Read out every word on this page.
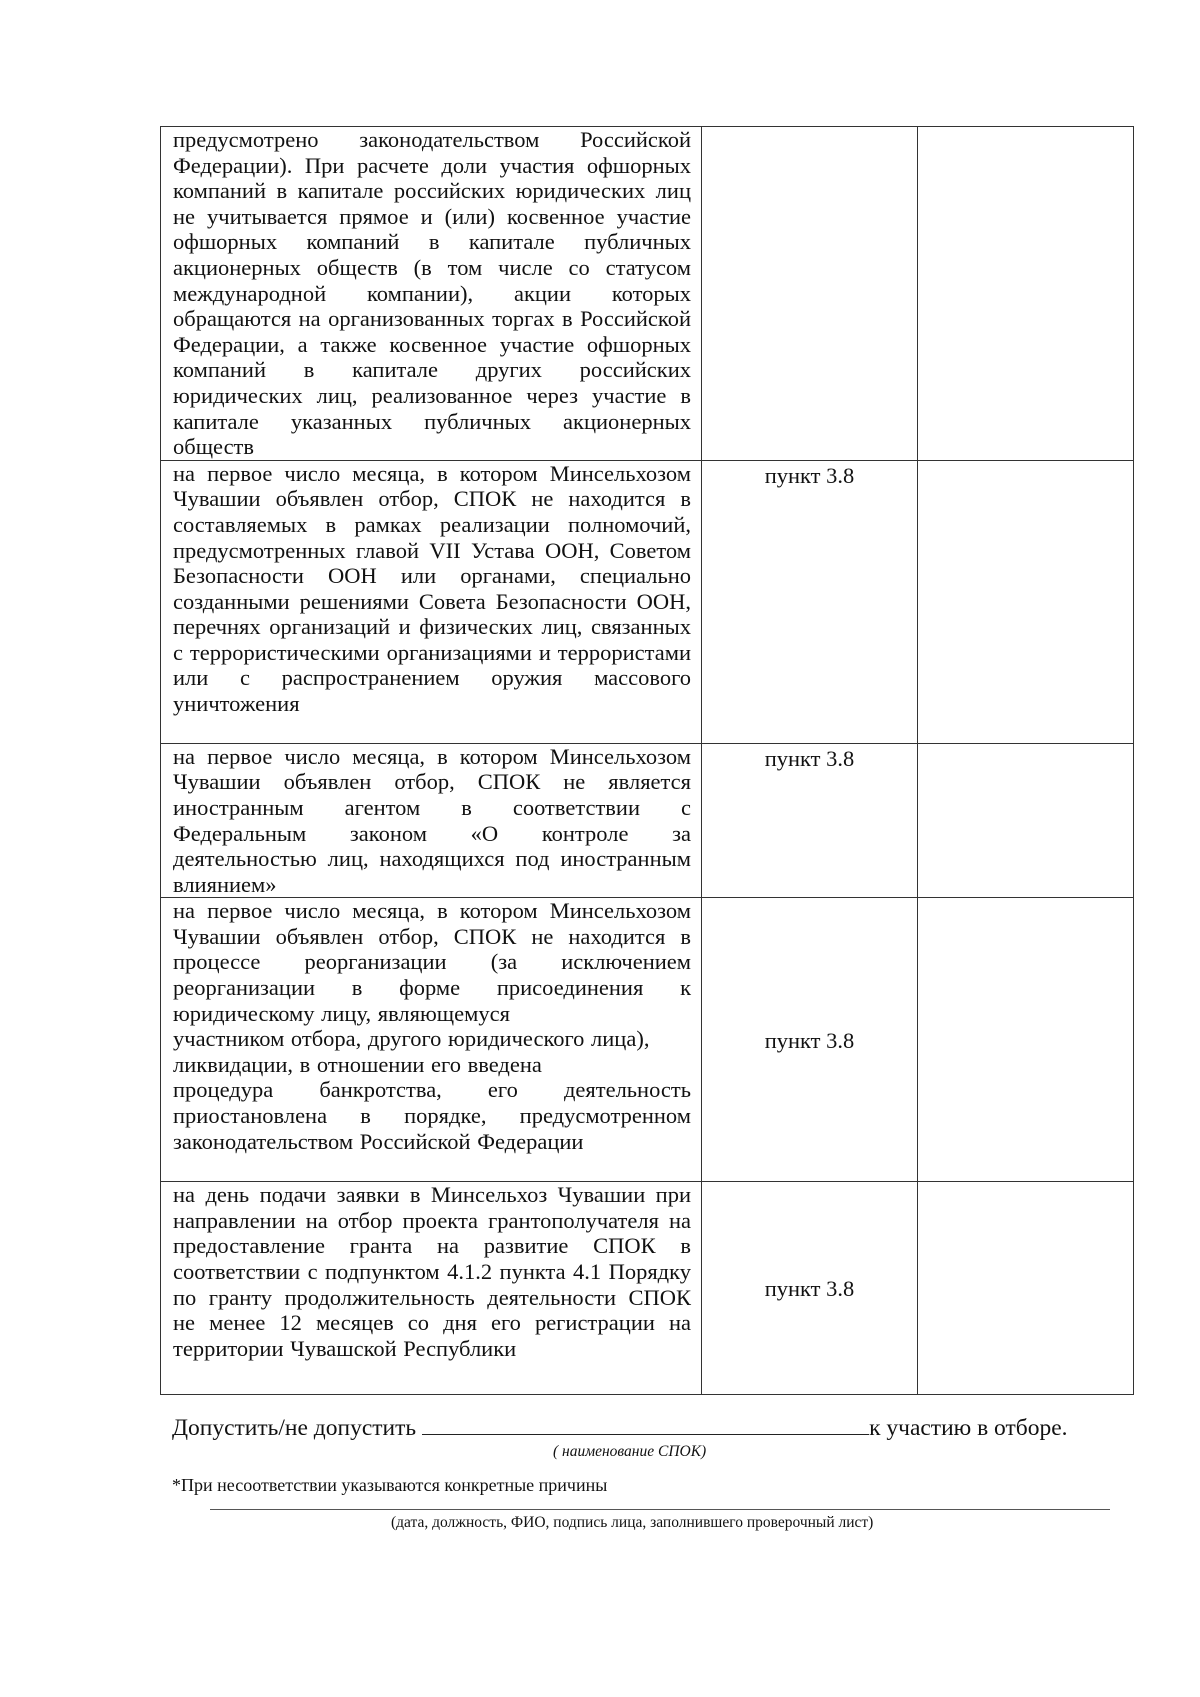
предусмотрено законодательством Российской Федерации). При расчете доли участия офшорных компаний в капитале российских юридических лиц не учитывается прямое и (или) косвенное участие офшорных компаний в капитале публичных акционерных обществ (в том числе со статусом международной компании), акции которых обращаются на организованных торгах в Российской Федерации, а также косвенное участие офшорных компаний в капитале других российских юридических лиц, реализованное через участие в капитале указанных публичных акционерных обществ		
на первое число месяца, в котором Минсельхозом Чувашии объявлен отбор, СПОК не находится в составляемых в рамках реализации полномочий, предусмотренных главой VII Устава ООН, Советом Безопасности ООН или органами, специально созданными решениями Совета Безопасности ООН, перечнях организаций и физических лиц, связанных с террористическими организациями и террористами или с распространением оружия массового уничтожения	пункт 3.8	
на первое число месяца, в котором Минсельхозом Чувашии объявлен отбор, СПОК не является иностранным агентом в соответствии с Федеральным законом «О контроле за деятельностью лиц, находящихся под иностранным влиянием»	пункт 3.8	

на первое число месяца, в котором Минсельхозом Чувашии объявлен отбор, СПОК не находится в процессе реорганизации (за исключением реорганизации в форме присоединения к юридическому лицу, являющемуся
участником отбора, другого юридического лица), ликвидации, в отношении его введена
процедура банкротства, его деятельность приостановлена в порядке, предусмотренном законодательством Российской Федерации	пункт 3.8	
на день подачи заявки в Минсельхоз Чувашии при направлении на отбор проекта грантополучателя на предоставление гранта на развитие СПОК в соответствии с подпунктом 4.1.2 пункта 4.1 Порядку по гранту продолжительность деятельности СПОК не менее 12 месяцев со дня его регистрации на территории Чувашской Республики	пункт 3.8	
Допустить/не допустить	к участию в отборе.
( наименование СПОК)
*При несоответствии указываются конкретные причины
(дата, должность, ФИО, подпись лица, заполнившего проверочный лист)
